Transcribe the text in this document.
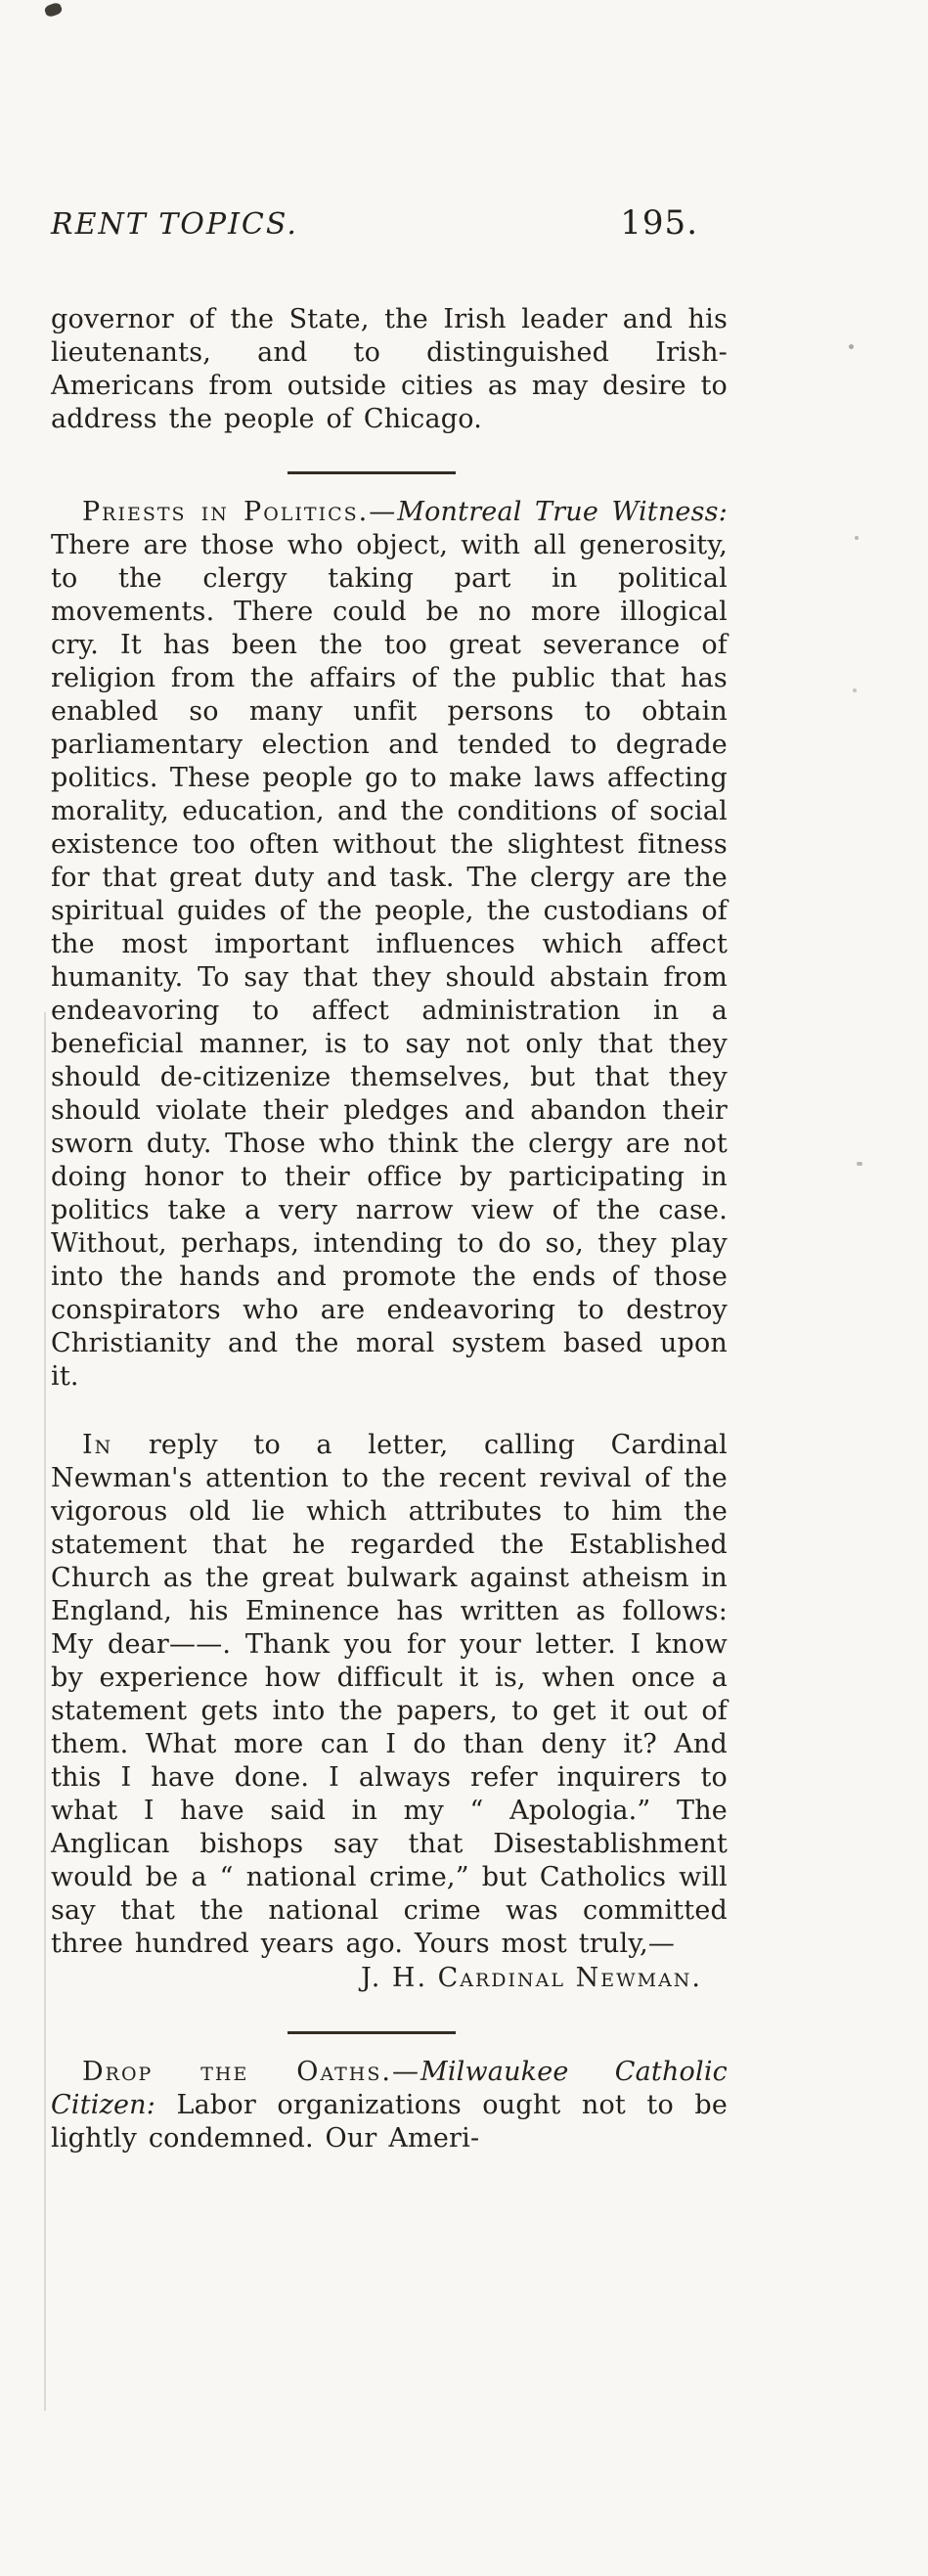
RENT TOPICS.	195.

governor of the State, the Irish leader and his lieutenants, and to distinguished Irish-Americans from outside cities as may desire to address the people of Chicago.

Priests in Politics.—Montreal True Witness: There are those who object, with all generosity, to the clergy taking part in political movements. There could be no more illogical cry. It has been the too great severance of religion from the affairs of the public that has enabled so many unfit persons to obtain parliamentary election and tended to degrade politics. These people go to make laws affecting morality, education, and the conditions of social existence too often without the slightest fitness for that great duty and task. The clergy are the spiritual guides of the people, the custodians of the most important influences which affect humanity. To say that they should abstain from endeavoring to affect administration in a beneficial manner, is to say not only that they should de-citizenize themselves, but that they should violate their pledges and abandon their sworn duty. Those who think the clergy are not doing honor to their office by participating in politics take a very narrow view of the case. Without, perhaps, intending to do so, they play into the hands and promote the ends of those conspirators who are endeavoring to destroy Christianity and the moral system based upon it.

In reply to a letter, calling Cardinal Newman's attention to the recent revival of the vigorous old lie which attributes to him the statement that he regarded the Established Church as the great bulwark against atheism in England, his Eminence has written as follows: My dear——. Thank you for your letter. I know by experience how difficult it is, when once a statement gets into the papers, to get it out of them. What more can I do than deny it? And this I have done. I always refer inquirers to what I have said in my “ Apologia.” The Anglican bishops say that Disestablishment would be a “ national crime,” but Catholics will say that the national crime was committed three hundred years ago. Yours most truly,—

J. H. Cardinal Newman.

Drop the Oaths.—Milwaukee Catholic Citizen: Labor organizations ought not to be lightly condemned. Our Ameri-
